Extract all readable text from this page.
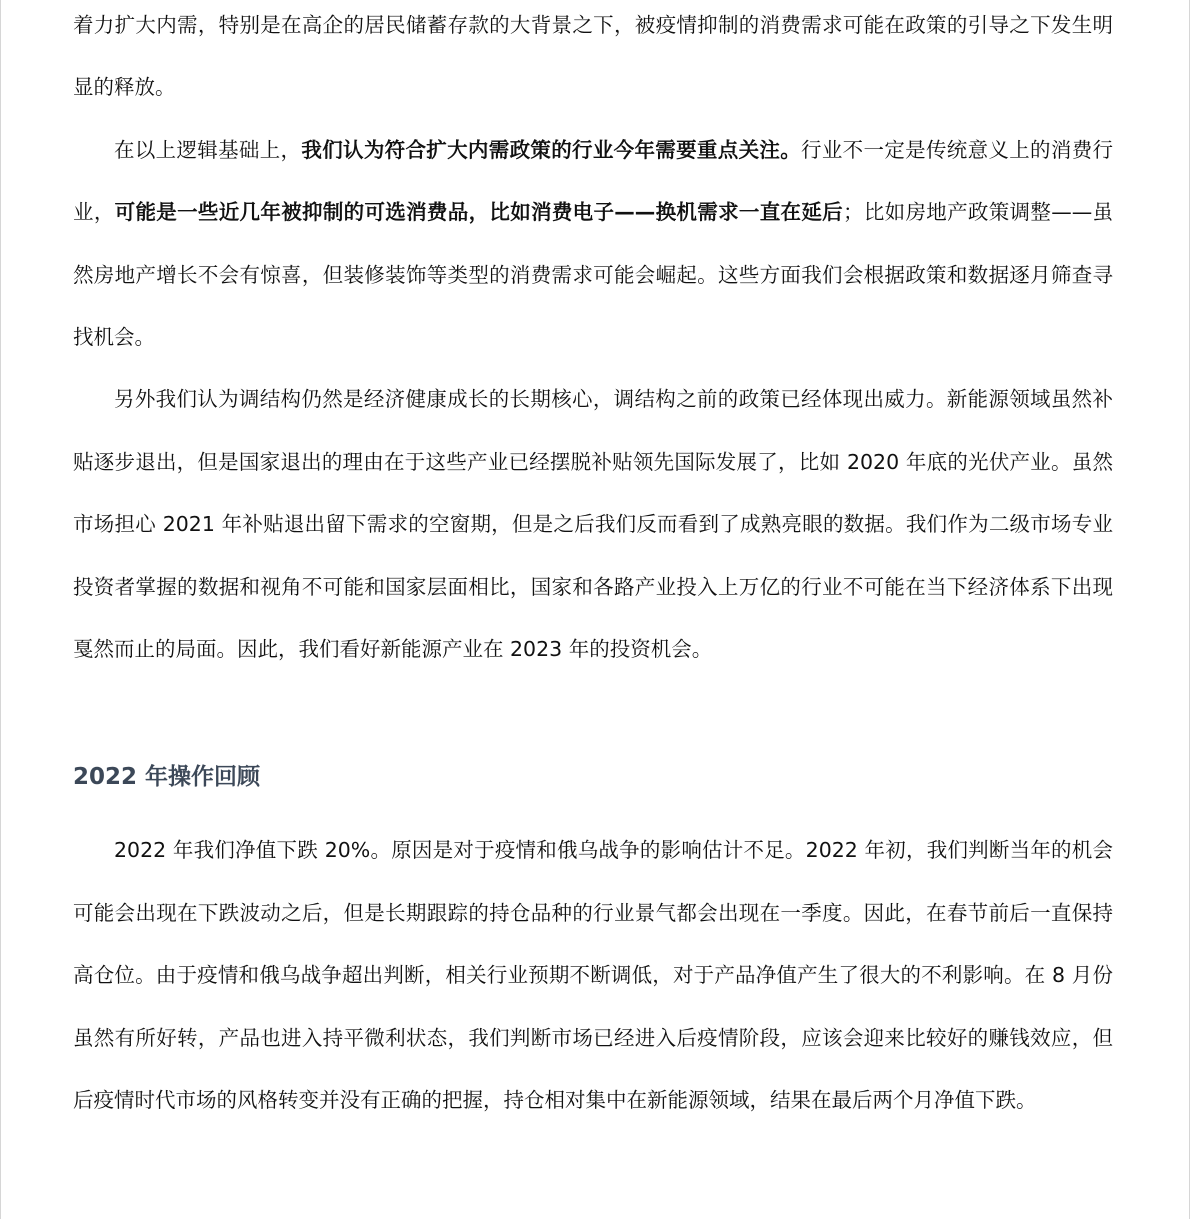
着力扩大内需，特别是在高企的居民储蓄存款的大背景之下，被疫情抑制的消费需求可能在政策的引导之下发生明显的释放。

在以上逻辑基础上，我们认为符合扩大内需政策的行业今年需要重点关注。行业不一定是传统意义上的消费行业，可能是一些近几年被抑制的可选消费品，比如消费电子——换机需求一直在延后；比如房地产政策调整——虽然房地产增长不会有惊喜，但装修装饰等类型的消费需求可能会崛起。这些方面我们会根据政策和数据逐月筛查寻找机会。

另外我们认为调结构仍然是经济健康成长的长期核心，调结构之前的政策已经体现出威力。新能源领域虽然补贴逐步退出，但是国家退出的理由在于这些产业已经摆脱补贴领先国际发展了，比如 2020 年底的光伏产业。虽然市场担心 2021 年补贴退出留下需求的空窗期，但是之后我们反而看到了成熟亮眼的数据。我们作为二级市场专业投资者掌握的数据和视角不可能和国家层面相比，国家和各路产业投入上万亿的行业不可能在当下经济体系下出现戛然而止的局面。因此，我们看好新能源产业在 2023 年的投资机会。

2022 年操作回顾

2022 年我们净值下跌 20%。原因是对于疫情和俄乌战争的影响估计不足。2022 年初，我们判断当年的机会可能会出现在下跌波动之后，但是长期跟踪的持仓品种的行业景气都会出现在一季度。因此，在春节前后一直保持高仓位。由于疫情和俄乌战争超出判断，相关行业预期不断调低，对于产品净值产生了很大的不利影响。在 8 月份虽然有所好转，产品也进入持平微利状态，我们判断市场已经进入后疫情阶段，应该会迎来比较好的赚钱效应，但后疫情时代市场的风格转变并没有正确的把握，持仓相对集中在新能源领域，结果在最后两个月净值下跌。
